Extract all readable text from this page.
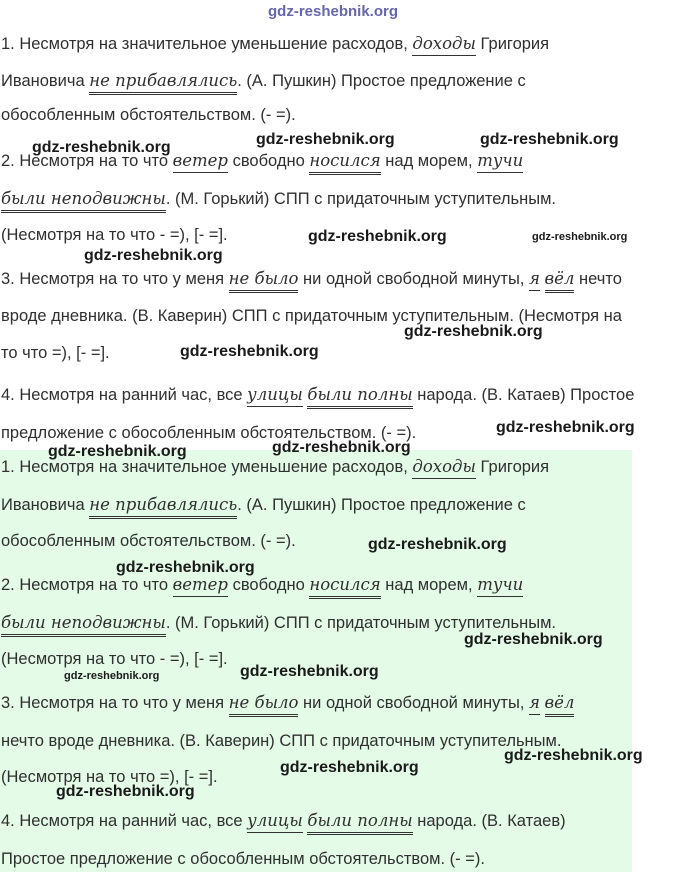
1. Несмотря на значительное уменьшение расходов, доходы Григория
Ивановича не прибавлялись. (А. Пушкин) Простое предложение с
обособленным обстоятельством. (- =).
2. Несмотря на то что ветер свободно носился над морем, тучи
были неподвижны. (М. Горький) СПП с придаточным уступительным.
(Несмотря на то что - =), [- =].
3. Несмотря на то что у меня не было ни одной свободной минуты, я вёл нечто
вроде дневника. (В. Каверин) СПП с придаточным уступительным. (Несмотря на
то что =), [- =].
4. Несмотря на ранний час, все улицы были полны народа. (В. Катаев) Простое
предложение с обособленным обстоятельством. (- =).
1. Несмотря на значительное уменьшение расходов, доходы Григория
Ивановича не прибавлялись. (А. Пушкин) Простое предложение с
обособленным обстоятельством. (- =).
2. Несмотря на то что ветер свободно носился над морем, тучи
были неподвижны. (М. Горький) СПП с придаточным уступительным.
(Несмотря на то что - =), [- =].
3. Несмотря на то что у меня не было ни одной свободной минуты, я вёл
нечто вроде дневника. (В. Каверин) СПП с придаточным уступительным.
(Несмотря на то что =), [- =].
4. Несмотря на ранний час, все улицы были полны народа. (В. Катаев)
Простое предложение с обособленным обстоятельством. (- =).
gdz-reshebnik.org
gdz-reshebnik.org	gdz-reshebnik.org	gdz-reshebnik.org
gdz-reshebnik.org	gdz-reshebnik.org
gdz-reshebnik.org
gdz-reshebnik.org
gdz-reshebnik.org
gdz-reshebnik.org
gdz-reshebnik.org	gdz-reshebnik.org
gdz-reshebnik.org
gdz-reshebnik.org
gdz-reshebnik.org
gdz-reshebnik.org
gdz-reshebnik.org
gdz-reshebnik.org
gdz-reshebnik.org
gdz-reshebnik.org
